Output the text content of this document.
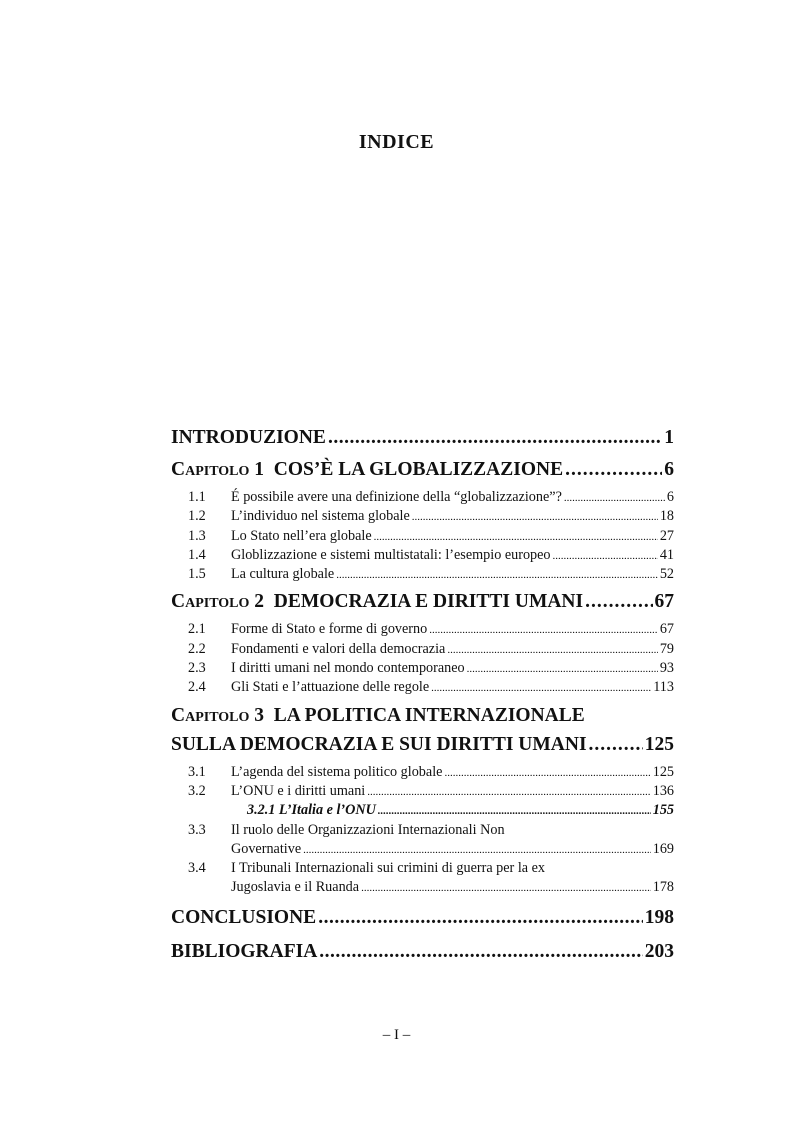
INDICE
INTRODUZIONE .....	1
Capitolo 1 COS’È LA GLOBALIZZAZIONE .....	6
1.1	É possibile avere una definizione della “globalizzazione”? .....	6
1.2	L’individuo nel sistema globale .....	18
1.3	Lo Stato nell’era globale .....	27
1.4	Globlizzazione e sistemi multistatali: l’esempio europeo .....	41
1.5	La cultura globale .....	52
Capitolo 2 DEMOCRAZIA E DIRITTI UMANI .....	67
2.1	Forme di Stato e forme di governo .....	67
2.2	Fondamenti e valori della democrazia .....	79
2.3	I diritti umani nel mondo contemporaneo .....	93
2.4	Gli Stati e l’attuazione delle regole .....	113
Capitolo 3 LA POLITICA INTERNAZIONALE
SULLA DEMOCRAZIA E SUI DIRITTI UMANI .....	125
3.1	L’agenda del sistema politico globale .....	125
3.2	L’ONU e i diritti umani .....	136
3.2.1 L’Italia e l’ONU .....	155
3.3	Il ruolo delle Organizzazioni Internazionali Non
Governative .....	169
3.4	I Tribunali Internazionali sui crimini di guerra per la ex
Jugoslavia e il Ruanda .....	178
CONCLUSIONE .....	198
BIBLIOGRAFIA .....	203
– I –
